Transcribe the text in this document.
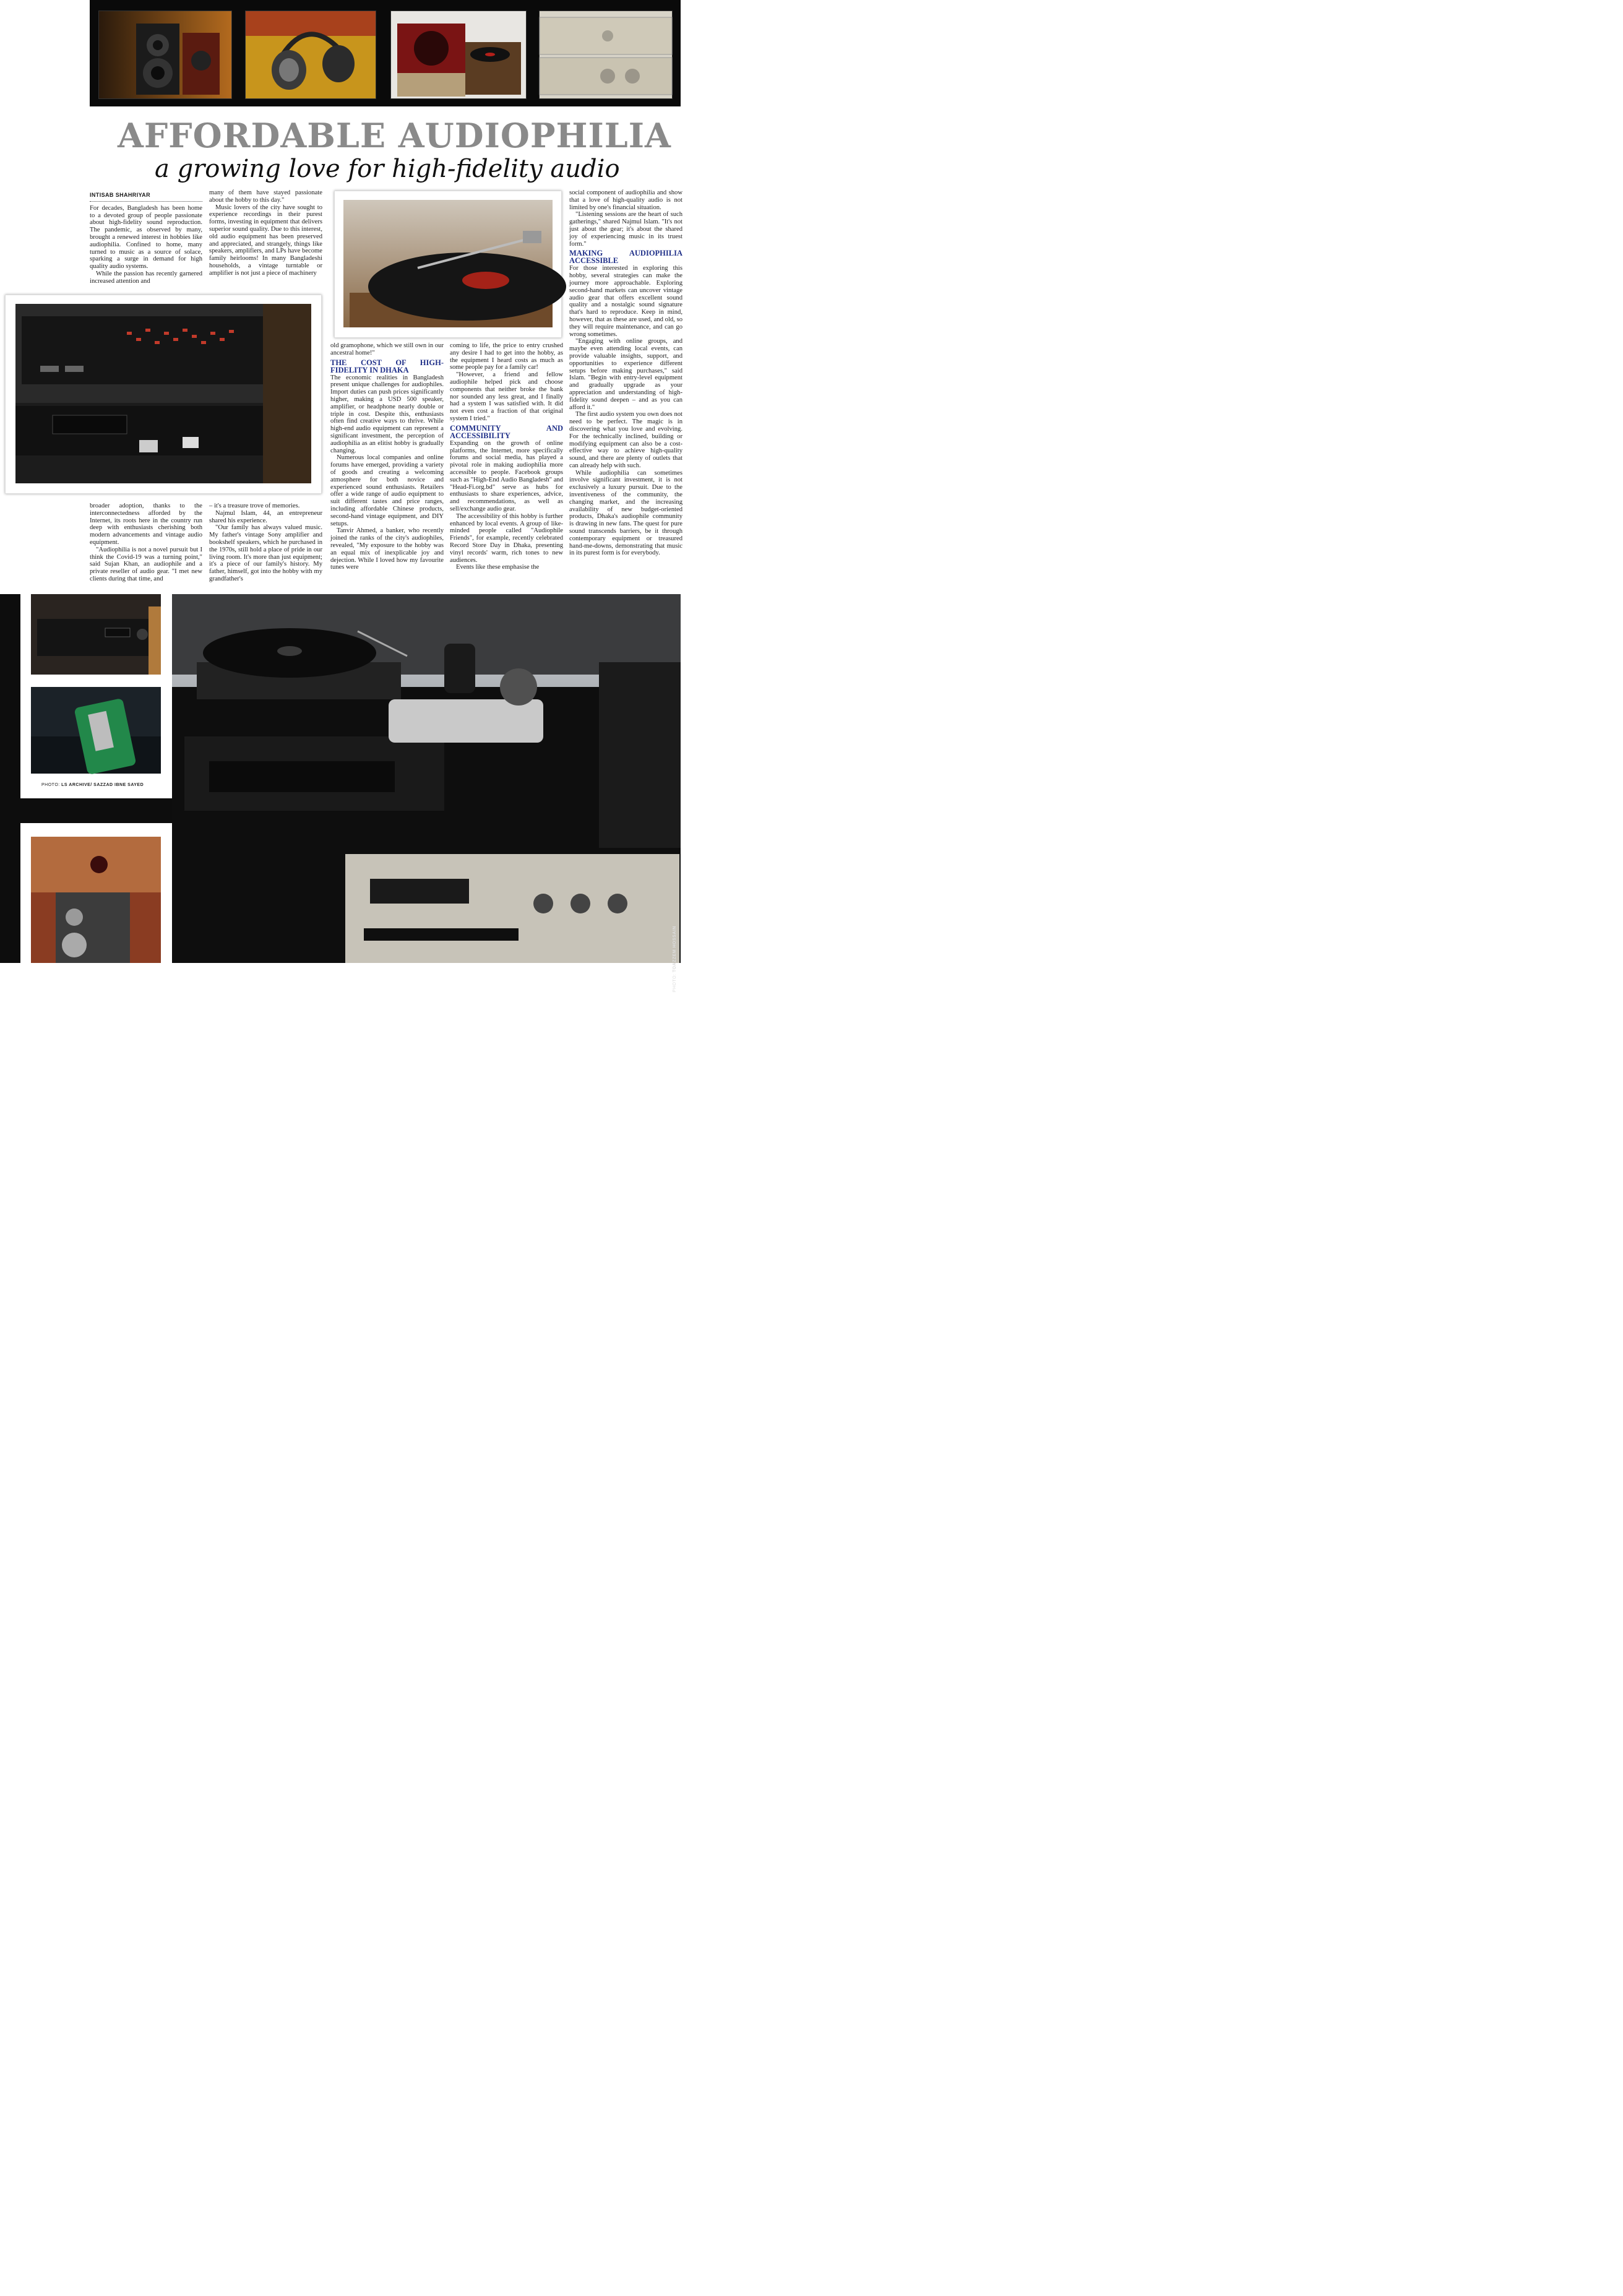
AFFORDABLE AUDIOPHILIA
a growing love for high-fidelity audio
INTISAB SHAHRIYAR

For decades, Bangladesh has been home to a devoted group of people passionate about high-fidelity sound reproduction. The pandemic, as observed by many, brought a renewed interest in hobbies like audiophilia. Confined to home, many turned to music as a source of solace, sparking a surge in demand for high quality audio systems.

While the passion has recently garnered increased attention and

many of them have stayed passionate about the hobby to this day."

Music lovers of the city have sought to experience recordings in their purest forms, investing in equipment that delivers superior sound quality. Due to this interest, old audio equipment has been preserved and appreciated, and strangely, things like speakers, amplifiers, and LPs have become family heirlooms! In many Bangladeshi households, a vintage turntable or amplifier is not just a piece of machinery

old gramophone, which we still own in our ancestral home!"

THE COST OF HIGH-FIDELITY IN DHAKA

The economic realities in Bangladesh present unique challenges for audiophiles. Import duties can push prices significantly higher, making a USD 500 speaker, amplifier, or headphone nearly double or triple in cost. Despite this, enthusiasts often find creative ways to thrive. While high-end audio equipment can represent a significant investment, the perception of audiophilia as an elitist hobby is gradually changing.

Numerous local companies and online forums have emerged, providing a variety of goods and creating a welcoming atmosphere for both novice and experienced sound enthusiasts. Retailers offer a wide range of audio equipment to suit different tastes and price ranges, including affordable Chinese products, second-hand vintage equipment, and DIY setups.

Tanvir Ahmed, a banker, who recently joined the ranks of the city's audiophiles, revealed, "My exposure to the hobby was an equal mix of inexplicable joy and dejection. While I loved how my favourite tunes were

coming to life, the price to entry crushed any desire I had to get into the hobby, as the equipment I heard costs as much as some people pay for a family car!

"However, a friend and fellow audiophile helped pick and choose components that neither broke the bank nor sounded any less great, and I finally had a system I was satisfied with. It did not even cost a fraction of that original system I tried."

COMMUNITY AND ACCESSIBILITY

Expanding on the growth of online platforms, the Internet, more specifically forums and social media, has played a pivotal role in making audiophilia more accessible to people. Facebook groups such as "High-End Audio Bangladesh" and "Head-Fi.org.bd" serve as hubs for enthusiasts to share experiences, advice, and recommendations, as well as sell/exchange audio gear.

The accessibility of this hobby is further enhanced by local events. A group of like-minded people called "Audiophile Friends", for example, recently celebrated Record Store Day in Dhaka, presenting vinyl records' warm, rich tones to new audiences.

Events like these emphasise the

social component of audiophilia and show that a love of high-quality audio is not limited by one's financial situation.

"Listening sessions are the heart of such gatherings," shared Najmul Islam. "It's not just about the gear; it's about the shared joy of experiencing music in its truest form."

MAKING AUDIOPHILIA ACCESSIBLE

For those interested in exploring this hobby, several strategies can make the journey more approachable. Exploring second-hand markets can uncover vintage audio gear that offers excellent sound quality and a nostalgic sound signature that's hard to reproduce. Keep in mind, however, that as these are used, and old, so they will require maintenance, and can go wrong sometimes.

"Engaging with online groups, and maybe even attending local events, can provide valuable insights, support, and opportunities to experience different setups before making purchases," said Islam. "Begin with entry-level equipment and gradually upgrade as your appreciation and understanding of high-fidelity sound deepen – and as you can afford it."

The first audio system you own does not need to be perfect. The magic is in discovering what you love and evolving. For the technically inclined, building or modifying equipment can also be a cost-effective way to achieve high-quality sound, and there are plenty of outlets that can already help with such.

While audiophilia can sometimes involve significant investment, it is not exclusively a luxury pursuit. Due to the inventiveness of the community, the changing market, and the increasing availability of new budget-oriented products, Dhaka's audiophile community is drawing in new fans. The quest for pure sound transcends barriers, be it through contemporary equipment or treasured hand-me-downs, demonstrating that music in its purest form is for everybody.

broader adoption, thanks to the interconnectedness afforded by the Internet, its roots here in the country run deep with enthusiasts cherishing both modern advancements and vintage audio equipment.

"Audiophilia is not a novel pursuit but I think the Covid-19 was a turning point," said Sujan Khan, an audiophile and a private reseller of audio gear. "I met new clients during that time, and

– it's a treasure trove of memories.

Najmul Islam, 44, an entrepreneur shared his experience.

"Our family has always valued music. My father's vintage Sony amplifier and bookshelf speakers, which he purchased in the 1970s, still hold a place of pride in our living room. It's more than just equipment; it's a piece of our family's history. My father, himself, got into the hobby with my grandfather's

PHOTO: LS ARCHIVE/ SAZZAD IBNE SAYED
PHOTO: TOAZZEM HOSSAIN
